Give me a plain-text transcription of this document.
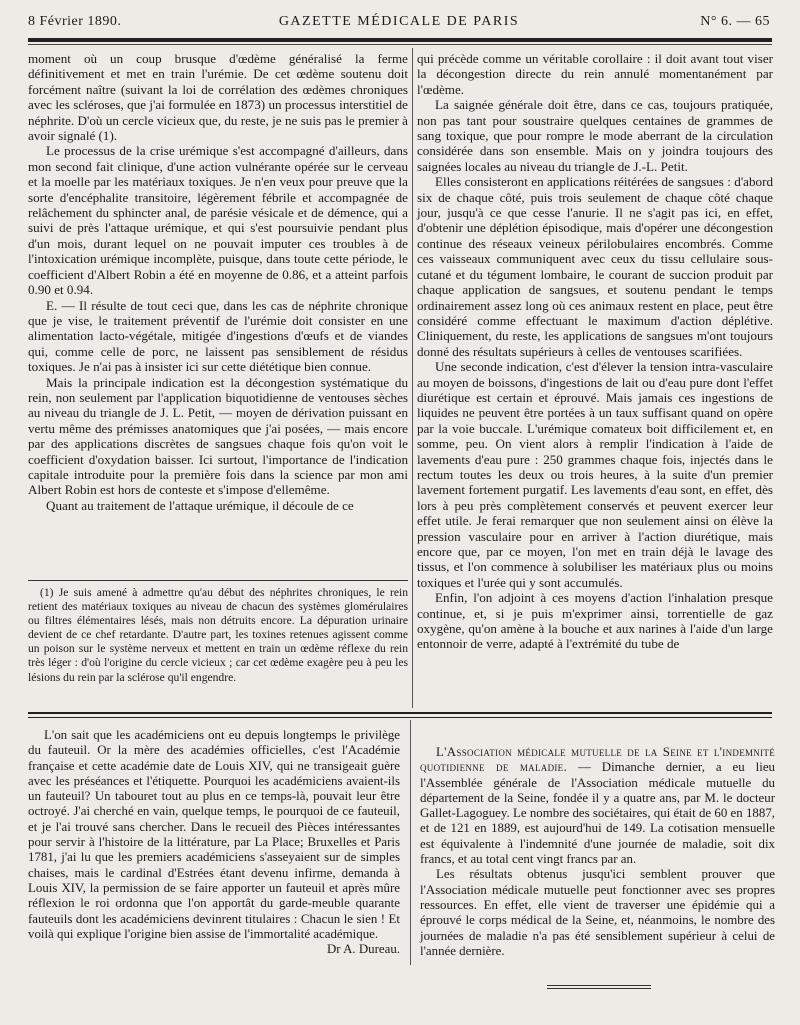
8 Février 1890.	GAZETTE MÉDICALE DE PARIS	N° 6. — 65

moment où un coup brusque d'œdème généralisé la ferme définitivement et met en train l'urémie. De cet œdème soutenu doit forcément naître (suivant la loi de corrélation des œdèmes chroniques avec les scléroses, que j'ai formulée en 1873) un processus interstitiel de néphrite. D'où un cercle vicieux que, du reste, je ne suis pas le premier à avoir signalé (1).

Le processus de la crise urémique s'est accompagné d'ailleurs, dans mon second fait clinique, d'une action vulnérante opérée sur le cerveau et la moelle par les matériaux toxiques. Je n'en veux pour preuve que la sorte d'encéphalite transitoire, légèrement fébrile et accompagnée de relâchement du sphincter anal, de parésie vésicale et de démence, qui a suivi de près l'attaque urémique, et qui s'est poursuivie pendant plus d'un mois, durant lequel on ne pouvait imputer ces troubles à de l'intoxication urémique incomplète, puisque, dans toute cette période, le coefficient d'Albert Robin a été en moyenne de 0.86, et a atteint parfois 0.90 et 0.94.

E. — Il résulte de tout ceci que, dans les cas de néphrite chronique que je vise, le traitement préventif de l'urémie doit consister en une alimentation lacto-végétale, mitigée d'ingestions d'œufs et de viandes qui, comme celle de porc, ne laissent pas sensiblement de résidus toxiques. Je n'ai pas à insister ici sur cette diététique bien connue.

Mais la principale indication est la décongestion systématique du rein, non seulement par l'application biquotidienne de ventouses sèches au niveau du triangle de J. L. Petit, — moyen de dérivation puissant en vertu même des prémisses anatomiques que j'ai posées, — mais encore par des applications discrètes de sangsues chaque fois qu'on voit le coefficient d'oxydation baisser. Ici surtout, l'importance de l'indication capitale introduite pour la première fois dans la science par mon ami Albert Robin est hors de conteste et s'impose d'ellemême.

Quant au traitement de l'attaque urémique, il découle de ce

(1) Je suis amené à admettre qu'au début des néphrites chroniques, le rein retient des matériaux toxiques au niveau de chacun des systèmes glomérulaires ou filtres élémentaires lésés, mais non détruits encore. La dépuration urinaire devient de ce chef retardante. D'autre part, les toxines retenues agissent comme un poison sur le système nerveux et mettent en train un œdème réflexe du rein très léger : d'où l'origine du cercle vicieux ; car cet œdème exagère peu à peu les lésions du rein par la sclérose qu'il engendre.

qui précède comme un véritable corollaire : il doit avant tout viser la décongestion directe du rein annulé momentanément par l'œdème.

La saignée générale doit être, dans ce cas, toujours pratiquée, non pas tant pour soustraire quelques centaines de grammes de sang toxique, que pour rompre le mode aberrant de la circulation considérée dans son ensemble. Mais on y joindra toujours des saignées locales au niveau du triangle de J.-L. Petit.

Elles consisteront en applications réitérées de sangsues : d'abord six de chaque côté, puis trois seulement de chaque côté chaque jour, jusqu'à ce que cesse l'anurie. Il ne s'agit pas ici, en effet, d'obtenir une déplétion épisodique, mais d'opérer une décongestion continue des réseaux veineux périlobulaires encombrés. Comme ces vaisseaux communiquent avec ceux du tissu cellulaire sous-cutané et du tégument lombaire, le courant de succion produit par chaque application de sangsues, et soutenu pendant le temps ordinairement assez long où ces animaux restent en place, peut être considéré comme effectuant le maximum d'action déplétive. Cliniquement, du reste, les applications de sangsues m'ont toujours donné des résultats supérieurs à celles de ventouses scarifiées.

Une seconde indication, c'est d'élever la tension intra-vasculaire au moyen de boissons, d'ingestions de lait ou d'eau pure dont l'effet diurétique est certain et éprouvé. Mais jamais ces ingestions de liquides ne peuvent être portées à un taux suffisant quand on opère par la voie buccale. L'urémique comateux boit difficilement et, en somme, peu. On vient alors à remplir l'indication à l'aide de lavements d'eau pure : 250 grammes chaque fois, injectés dans le rectum toutes les deux ou trois heures, à la suite d'un premier lavement fortement purgatif. Les lavements d'eau sont, en effet, dès lors à peu près complètement conservés et peuvent exercer leur effet utile. Je ferai remarquer que non seulement ainsi on élève la pression vasculaire pour en arriver à l'action diurétique, mais encore que, par ce moyen, l'on met en train déjà le lavage des tissus, et l'on commence à solubiliser les matériaux plus ou moins toxiques et l'urée qui y sont accumulés.

Enfin, l'on adjoint à ces moyens d'action l'inhalation presque continue, et, si je puis m'exprimer ainsi, torrentielle de gaz oxygène, qu'on amène à la bouche et aux narines à l'aide d'un large entonnoir de verre, adapté à l'extrémité du tube de

L'on sait que les académiciens ont eu depuis longtemps le privilège du fauteuil. Or la mère des académies officielles, c'est l'Académie française et cette académie date de Louis XIV, qui ne transigeait guère avec les préséances et l'étiquette. Pourquoi les académiciens avaient-ils un fauteuil? Un tabouret tout au plus en ce temps-là, pouvait leur être octroyé. J'ai cherché en vain, quelque temps, le pourquoi de ce fauteuil, et je l'ai trouvé sans chercher. Dans le recueil des Pièces intéressantes pour servir à l'histoire de la littérature, par La Place; Bruxelles et Paris 1781, j'ai lu que les premiers académiciens s'asseyaient sur de simples chaises, mais le cardinal d'Estrées étant devenu infirme, demanda à Louis XIV, la permission de se faire apporter un fauteuil et après mûre réflexion le roi ordonna que l'on apportât du garde-meuble quarante fauteuils dont les académiciens devinrent titulaires : Chacun le sien ! Et voilà qui explique l'origine bien assise de l'immortalité académique.

Dr A. Dureau.

L'Association médicale mutuelle de la Seine et l'indemnité quotidienne de maladie. — Dimanche dernier, a eu lieu l'Assemblée générale de l'Association médicale mutuelle du département de la Seine, fondée il y a quatre ans, par M. le docteur Gallet-Lagoguey. Le nombre des sociétaires, qui était de 60 en 1887, et de 121 en 1889, est aujourd'hui de 149. La cotisation mensuelle est équivalente à l'indemnité d'une journée de maladie, soit dix francs, et au total cent vingt francs par an.

Les résultats obtenus jusqu'ici semblent prouver que l'Association médicale mutuelle peut fonctionner avec ses propres ressources. En effet, elle vient de traverser une épidémie qui a éprouvé le corps médical de la Seine, et, néanmoins, le nombre des journées de maladie n'a pas été sensiblement supérieur à celui de l'année dernière.
